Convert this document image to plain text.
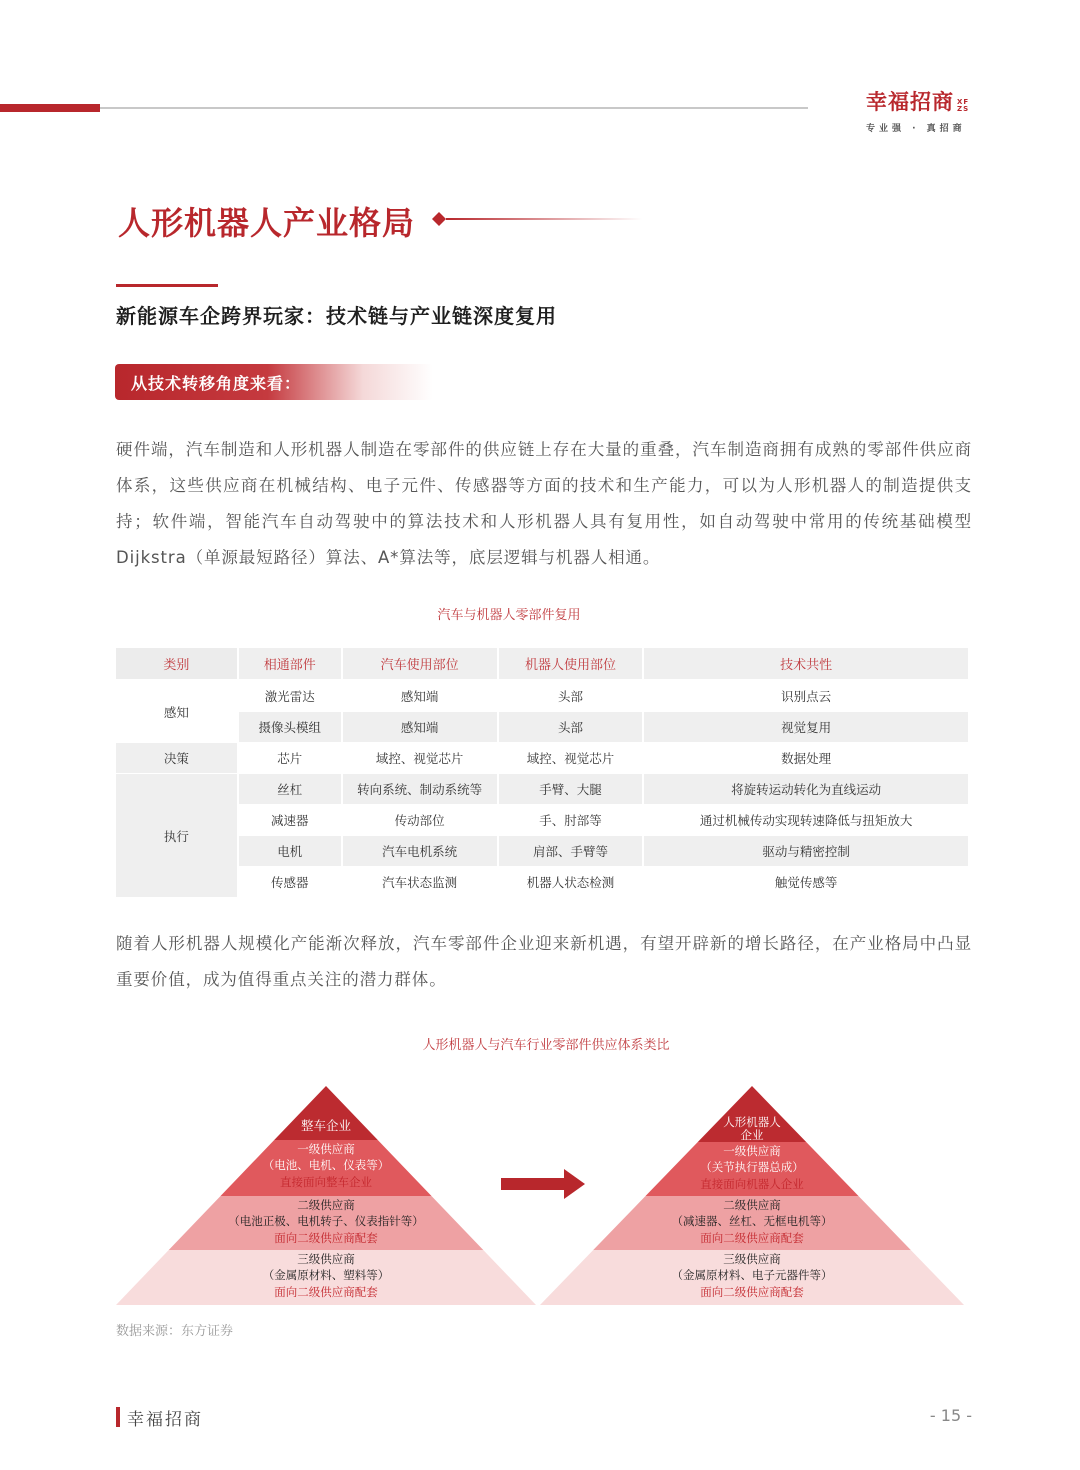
幸福招商 XF
ZS
专业强 · 真招商
人形机器人产业格局
新能源车企跨界玩家：技术链与产业链深度复用
从技术转移角度来看：
硬件端，汽车制造和人形机器人制造在零部件的供应链上存在大量的重叠，汽车制造商拥有成熟的零部件供应商体系，这些供应商在机械结构、电子元件、传感器等方面的技术和生产能力，可以为人形机器人的制造提供支持；软件端，智能汽车自动驾驶中的算法技术和人形机器人具有复用性，如自动驾驶中常用的传统基础模型Dijkstra（单源最短路径）算法、A*算法等，底层逻辑与机器人相通。
汽车与机器人零部件复用
类别	相通部件	汽车使用部位	机器人使用部位	技术共性
感知	激光雷达	感知端	头部	识别点云
	摄像头模组	感知端	头部	视觉复用
决策	芯片	域控、视觉芯片	域控、视觉芯片	数据处理
执行	丝杠	转向系统、制动系统等	手臂、大腿	将旋转运动转化为直线运动
	减速器	传动部位	手、肘部等	通过机械传动实现转速降低与扭矩放大
	电机	汽车电机系统	肩部、手臂等	驱动与精密控制
	传感器	汽车状态监测	机器人状态检测	触觉传感等
随着人形机器人规模化产能渐次释放，汽车零部件企业迎来新机遇，有望开辟新的增长路径，在产业格局中凸显重要价值，成为值得重点关注的潜力群体。
人形机器人与汽车行业零部件供应体系类比
整车企业
一级供应商
（电池、电机、仪表等）
直接面向整车企业
二级供应商
（电池正极、电机转子、仪表指针等）
面向二级供应商配套
三级供应商
（金属原材料、塑料等）
面向二级供应商配套
人形机器人
企业
一级供应商
（关节执行器总成）
直接面向机器人企业
二级供应商
（减速器、丝杠、无框电机等）
面向二级供应商配套
三级供应商
（金属原材料、电子元器件等）
面向二级供应商配套
数据来源：东方证券
幸福招商	- 15 -
